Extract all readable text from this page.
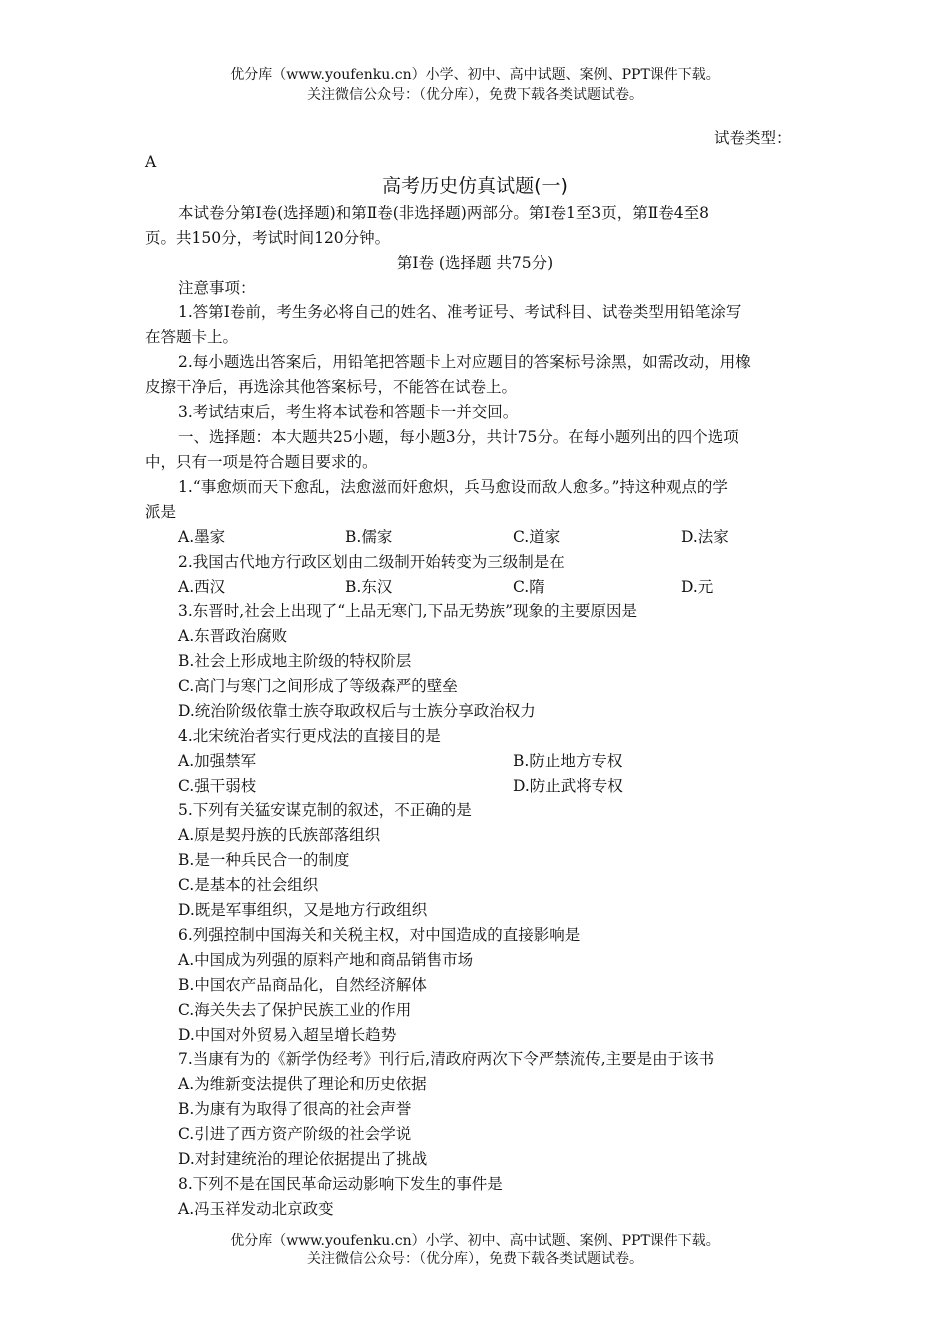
优分库（www.youfenku.cn）小学、初中、高中试题、案例、PPT课件下载。
关注微信公众号：（优分库），免费下载各类试题试卷。
试卷类型：
A
高考历史仿真试题(一)
本试卷分第Ⅰ卷(选择题)和第Ⅱ卷(非选择题)两部分。第Ⅰ卷1至3页，第Ⅱ卷4至8
页。共150分，考试时间120分钟。
第Ⅰ卷 (选择题 共75分)
注意事项：
1.答第Ⅰ卷前，考生务必将自己的姓名、准考证号、考试科目、试卷类型用铅笔涂写
在答题卡上。
2.每小题选出答案后，用铅笔把答题卡上对应题目的答案标号涂黑，如需改动，用橡
皮擦干净后，再选涂其他答案标号，不能答在试卷上。
3.考试结束后，考生将本试卷和答题卡一并交回。
一、选择题：本大题共25小题，每小题3分，共计75分。在每小题列出的四个选项
中，只有一项是符合题目要求的。
1.“事愈烦而天下愈乱，法愈滋而奸愈炽，兵马愈设而敌人愈多。”持这种观点的学
派是
A.墨家	B.儒家	C.道家	D.法家
2.我国古代地方行政区划由二级制开始转变为三级制是在
A.西汉	B.东汉	C.隋	D.元
3.东晋时,社会上出现了“上品无寒门,下品无势族”现象的主要原因是
A.东晋政治腐败
B.社会上形成地主阶级的特权阶层
C.高门与寒门之间形成了等级森严的壁垒
D.统治阶级依靠士族夺取政权后与士族分享政治权力
4.北宋统治者实行更戍法的直接目的是
A.加强禁军	B.防止地方专权
C.强干弱枝	D.防止武将专权
5.下列有关猛安谋克制的叙述，不正确的是
A.原是契丹族的氏族部落组织
B.是一种兵民合一的制度
C.是基本的社会组织
D.既是军事组织，又是地方行政组织
6.列强控制中国海关和关税主权，对中国造成的直接影响是
A.中国成为列强的原料产地和商品销售市场
B.中国农产品商品化，自然经济解体
C.海关失去了保护民族工业的作用
D.中国对外贸易入超呈增长趋势
7.当康有为的《新学伪经考》刊行后,清政府两次下令严禁流传,主要是由于该书
A.为维新变法提供了理论和历史依据
B.为康有为取得了很高的社会声誉
C.引进了西方资产阶级的社会学说
D.对封建统治的理论依据提出了挑战
8.下列不是在国民革命运动影响下发生的事件是
A.冯玉祥发动北京政变
优分库（www.youfenku.cn）小学、初中、高中试题、案例、PPT课件下载。
关注微信公众号：（优分库），免费下载各类试题试卷。
